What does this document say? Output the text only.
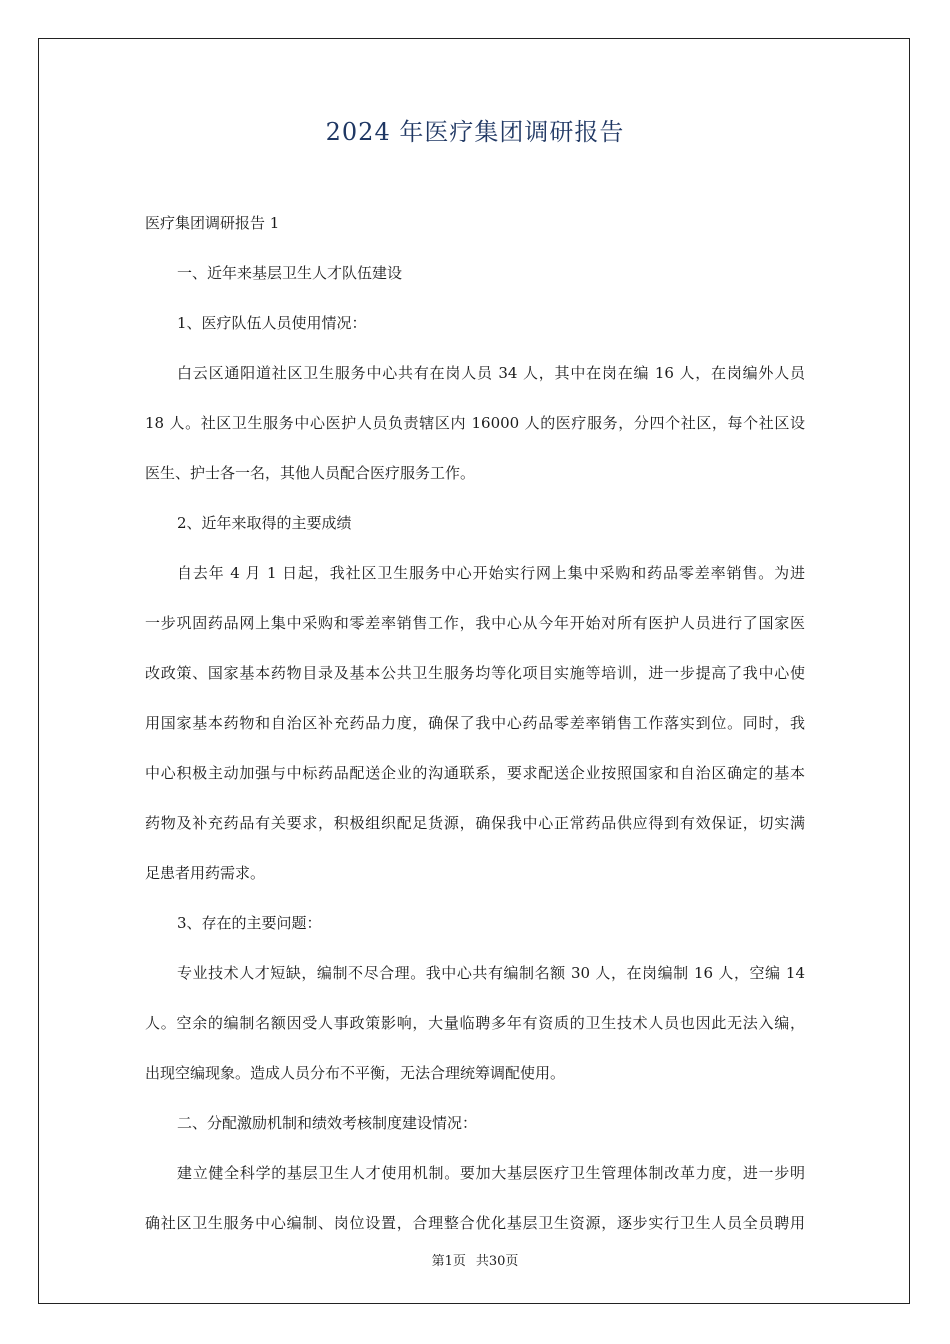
2024 年医疗集团调研报告
医疗集团调研报告 1
一、近年来基层卫生人才队伍建设
1、医疗队伍人员使用情况：
白云区通阳道社区卫生服务中心共有在岗人员 34 人，其中在岗在编 16 人，在岗编外人员
18 人。社区卫生服务中心医护人员负责辖区内 16000 人的医疗服务，分四个社区，每个社区设
医生、护士各一名，其他人员配合医疗服务工作。
2、近年来取得的主要成绩
自去年 4 月 1 日起，我社区卫生服务中心开始实行网上集中采购和药品零差率销售。为进
一步巩固药品网上集中采购和零差率销售工作，我中心从今年开始对所有医护人员进行了国家医
改政策、国家基本药物目录及基本公共卫生服务均等化项目实施等培训，进一步提高了我中心使
用国家基本药物和自治区补充药品力度，确保了我中心药品零差率销售工作落实到位。同时，我
中心积极主动加强与中标药品配送企业的沟通联系，要求配送企业按照国家和自治区确定的基本
药物及补充药品有关要求，积极组织配足货源，确保我中心正常药品供应得到有效保证，切实满
足患者用药需求。
3、存在的主要问题：
专业技术人才短缺，编制不尽合理。我中心共有编制名额 30 人，在岗编制 16 人，空编 14
人。空余的编制名额因受人事政策影响，大量临聘多年有资质的卫生技术人员也因此无法入编，
出现空编现象。造成人员分布不平衡，无法合理统筹调配使用。
二、分配激励机制和绩效考核制度建设情况：
建立健全科学的基层卫生人才使用机制。要加大基层医疗卫生管理体制改革力度，进一步明
确社区卫生服务中心编制、岗位设置，合理整合优化基层卫生资源，逐步实行卫生人员全员聘用
第1页 共30页
